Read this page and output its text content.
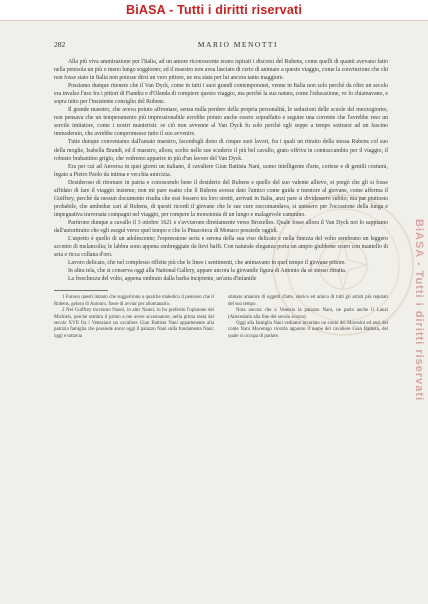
BiASA - Tutti i diritti riservati
BiASA - Tutti i diritti riservati
282	MARIO MENOTTI

Alla più viva ammirazione per l'Italia, ad un amore riconoscente erano ispirati i discorsi del Rubens, come quelli di quanti avevano fatto nella penisola un più o meno lungo soggiorno; ed il maestro non avea lasciato di certo di animare a questo viaggio, come la convinzione che chi non fosse stato in Italia non potesse dirsi un vero pittore, ne era stata per lui ancora tanto maggiore.

Possiamo dunque ritenere che il Van Dyck, come in tutti i suoi grandi contemporanei, venne in Italia non solo perchè da oltre un secolo era invalso l'uso fra i pittori di Fiandra e d'Olanda di compiere questo viaggio, ma perchè la sua natura, come l'educazione, ve lo chiamavano, e sopra tutto per l'insistente consiglio del Rubens.

Il grande maestro, che aveva potuto affrontare, senza nulla perdere della propria personalità, le seduzioni delle scuole del mezzogiorno, non pensava che un temperamento più impressionabile avrebbe potuto anche essere sopraffatto e seguire una corrente che l'avrebbe reso un servile imitatore, come i nostri manieristi: se ciò non avvenne al Van Dyck fu solo perchè egli seppe a tempo sottrarsi ad un fascino immoderato, che avrebbe compromesso tutto il suo avvenire.

Tutte dunque conveniamo dall'amato maestro, facendogli dono di cinque suoi lavori, fra i quali un ritratto della stessa Rubens col suo della moglie, Isabella Brandt, ed il maestro, allora, scelto nelle sue scuderie il più bel cavallo, grato offriva in contraccambio per il viaggio, il robusto brabantino grigio, che vedremo apparire in più d'un lavoro del Van Dyck.

Era per cui ad Anversa in quei giorni un italiano, il cavaliere Gian Battista Nani, uomo intelligente d'arte, cortese e di gentili costumi, legato a Pietro Paolo da intima e vecchia amicizia.

Desideroso di ritornare in patria e conoscendo bene il desiderio del Rubens e quello del suo valente allievo, ei pregò che gli si fosse affidato di fare il viaggio insieme; non mi pare esatto che il Rubens avesse dato l'amico come guida e mentore al giovane, come afferma il Guiffrey, perchè da nessun documento risulta che essi fossero tra loro stretti, arrivati in Italia, anzi pare si dividessero subito; ma par piuttosto probabile, che ambedue cari al Rubens, di questi ricordi il giovane che le sue cure raccomandava, si unissero per l'occasione della lunga e impegnativa traversata compagni nel viaggio, per rompere la monotonia di un lungo e malagevole cammino.

Partirono dunque a cavallo il 3 ottobre 1621 e s'avviarono direttamente verso Bruxelles. Quale fosse allora il Van Dyck noi lo sappiamo dall'autoritratto che egli eseguì verso quel tempo e che la Pinacoteca di Monaco possiede oggidì.

L'aspetto è quello di un adolescente; l'espressione seria e serena della sua viso delicato e nella finezza del volto sembrano un leggero accento di melancolia; le labbra sono appena ombreggiate da lievi baffi. Con naturale eleganza porta un ampio giubbone scuro con mantello di seta e ricca collana d'oro.

Lavoro delicato, che nel complesso riflette più che le linee i sentimenti, che animavano in quel tempo il giovane pittore.

In altra tela, che si conserva oggi alla National Gallery, appare ancora la giovanile figura di Antonio da sè stesso ritratta.

La freschezza del volto, appena ombrato dalla barba incipiente, un'aria d'infantile

1 Furono questi intanto che suggerirono a qualche maledico il pensiero che il Rubens, geloso di Antonio, fosse di avviar per allontanarlo.

2 Nel Guiffrey troviamo Nanni, in altri Nanni; io ho preferito l'opinione del Michiels, perchè sembra il primo a me avere accennatore, nella prima metà del secolo XVII fra i Veneziani un cavaliere Gian Battista Nani appartenente alla patrizia famiglia che possiede ancor oggi il palazzo Nani sulla fondamenta Nani: oggi e tuttavia

stimato amatore di oggetti d'arte, storico ed amico di tutti gli artisti più reputati del suo tempo.

Nota ancora che a Venezia la palazzo Nani, ne parla anche il Lanzi (Abecedario alla fine del secolo scorso).

Oggi alla famiglia Nani vediamo invariato un conto dei Morosini ed anzi del conte Nani Mocenigo ricorda appunto il nome del cavaliere Gian Battista, del quale si occupa di parlare.
